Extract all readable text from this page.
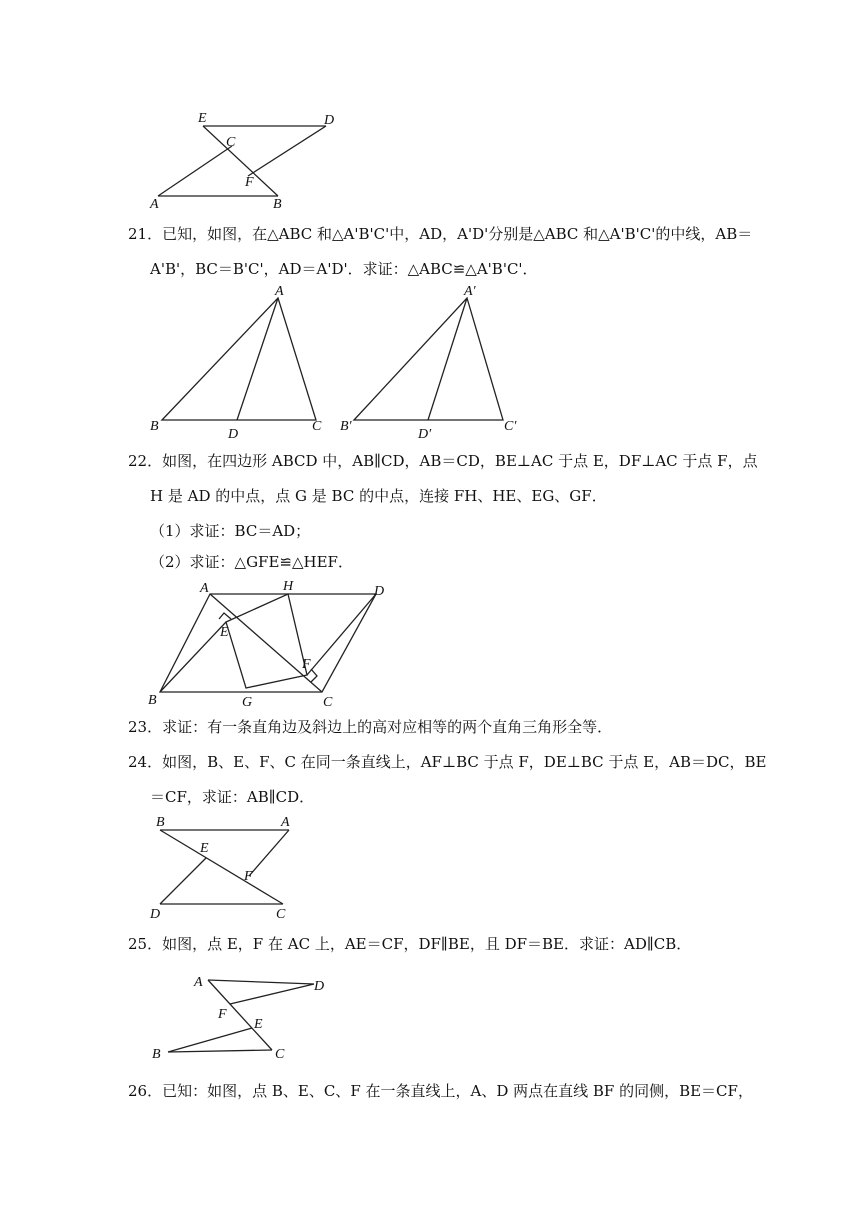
E	D
C
F
A	B
21．已知，如图，在△ABC 和△A'B'C'中，AD，A'D'分别是△ABC 和△A'B'C'的中线，AB＝
A'B'，BC＝B'C'，AD＝A'D'．求证：△ABC≌△A'B'C'．
A
B	C
D
A′
B′	C′
D′
22．如图，在四边形 ABCD 中，AB∥CD，AB＝CD，BE⊥AC 于点 E，DF⊥AC 于点 F，点
H 是 AD 的中点，点 G 是 BC 的中点，连接 FH、HE、EG、GF．
（1）求证：BC＝AD；
（2）求证：△GFE≌△HEF．
A	H	D
E
F
B	G	C
23．求证：有一条直角边及斜边上的高对应相等的两个直角三角形全等．
24．如图，B、E、F、C 在同一条直线上，AF⊥BC 于点 F，DE⊥BC 于点 E，AB＝DC，BE
＝CF，求证：AB∥CD．
B	A
E
F
D	C
25．如图，点 E，F 在 AC 上，AE＝CF，DF∥BE，且 DF＝BE．求证：AD∥CB．
A	D
F
E
B	C
26．已知：如图，点 B、E、C、F 在一条直线上，A、D 两点在直线 BF 的同侧，BE＝CF，
